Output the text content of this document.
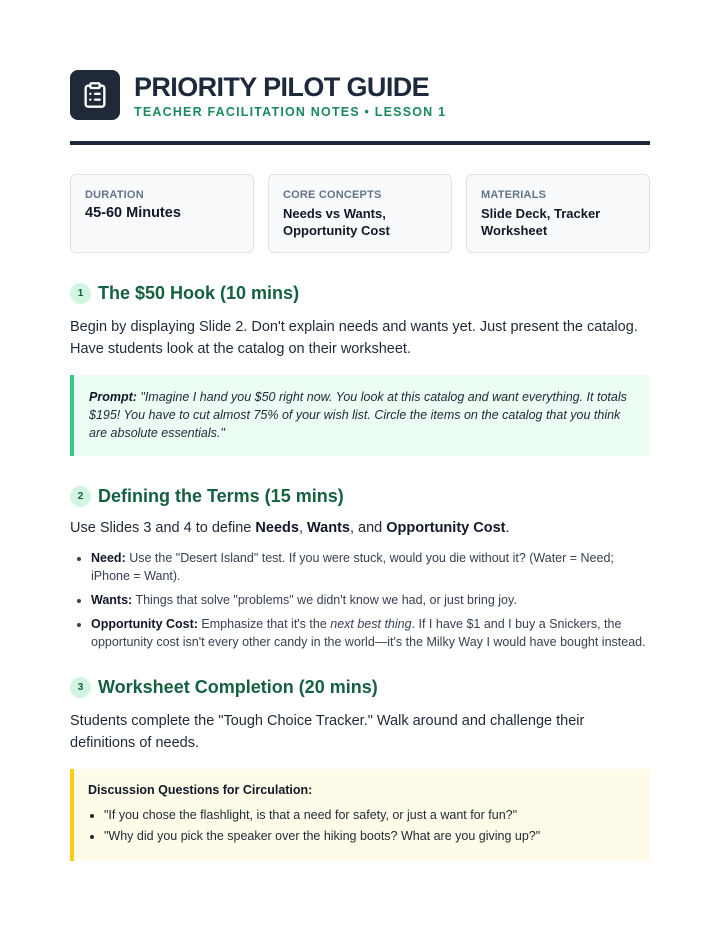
PRIORITY PILOT GUIDE
TEACHER FACILITATION NOTES • LESSON 1
DURATION
45-60 Minutes
CORE CONCEPTS
Needs vs Wants,
Opportunity Cost
MATERIALS
Slide Deck, Tracker
Worksheet
1 The $50 Hook (10 mins)

Begin by displaying Slide 2. Don't explain needs and wants yet. Just present the catalog. Have students look at the catalog on their worksheet.

Prompt: "Imagine I hand you $50 right now. You look at this catalog and want everything. It totals $195! You have to cut almost 75% of your wish list. Circle the items on the catalog that you think are absolute essentials."
2 Defining the Terms (15 mins)

Use Slides 3 and 4 to define Needs, Wants, and Opportunity Cost.

• Need: Use the "Desert Island" test. If you were stuck, would you die without it? (Water = Need; iPhone = Want).
• Wants: Things that solve "problems" we didn't know we had, or just bring joy.
• Opportunity Cost: Emphasize that it's the next best thing. If I have $1 and I buy a Snickers, the opportunity cost isn't every other candy in the world—it's the Milky Way I would have bought instead.
3 Worksheet Completion (20 mins)

Students complete the "Tough Choice Tracker." Walk around and challenge their definitions of needs.

Discussion Questions for Circulation:
• "If you chose the flashlight, is that a need for safety, or just a want for fun?"
• "Why did you pick the speaker over the hiking boots? What are you giving up?"
